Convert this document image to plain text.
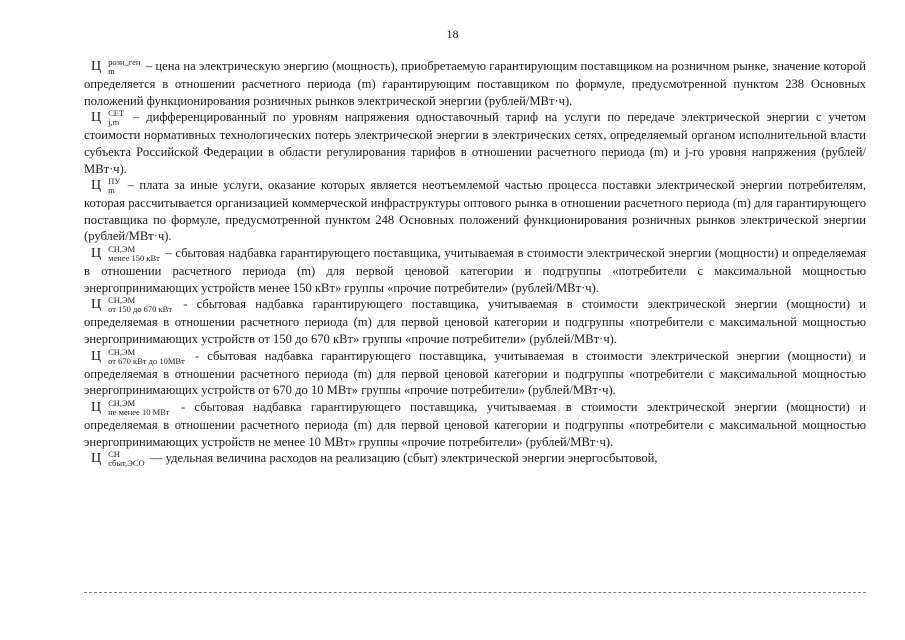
18

Ц розн_ген
m	– цена на электрическую энергию (мощность), приобретаемую гарантирующим поставщиком на розничном рынке, значение которой определяется в отношении расчетного периода (m) гарантирующим поставщиком по формуле, предусмотренной пунктом 238 Основных положений функционирования розничных рынков электрической энергии (рублей/МВт·ч).

Ц СЕТ
j,m	– дифференцированный по уровням напряжения одноставочный тариф на услуги по передаче электрической энергии с учетом стоимости нормативных технологических потерь электрической энергии в электрических сетях, определяемый органом исполнительной власти субъекта Российской Федерации в области регулирования тарифов в отношении расчетного периода (m) и j-го уровня напряжения (рублей/МВт·ч).

Ц ПУ
m	– плата за иные услуги, оказание которых является неотъемлемой частью процесса поставки электрической энергии потребителям, которая рассчитывается организацией коммерческой инфраструктуры оптового рынка в отношении расчетного периода (m) для гарантирующего поставщика по формуле, предусмотренной пунктом 248 Основных положений функционирования розничных рынков электрической энергии (рублей/МВт·ч).

Ц СН,ЭМ
менее 150 кВт – сбытовая надбавка гарантирующего поставщика, учитываемая в стоимости электрической энергии (мощности) и определяемая в отношении расчетного периода (m) для первой ценовой категории и подгруппы «потребители с максимальной мощностью энергопринимающих устройств менее 150 кВт» группы «прочие потребители» (рублей/МВт·ч).

Ц СН,ЭМ
от 150 до 670 кВт - сбытовая надбавка гарантирующего поставщика, учитываемая в стоимости электрической энергии (мощности) и определяемая в отношении расчетного периода (m) для первой ценовой категории и подгруппы «потребители с максимальной мощностью энергопринимающих устройств от 150 до 670 кВт» группы «прочие потребители» (рублей/МВт·ч).

Ц СН,ЭМ
от 670 кВт до 10МВт - сбытовая надбавка гарантирующего поставщика, учитываемая в стоимости электрической энергии (мощности) и определяемая в отношении расчетного периода (m) для первой ценовой категории и подгруппы «потребители с максимальной мощностью энергопринимающих устройств от 670 до 10 МВт» группы «прочие потребители» (рублей/МВт·ч).

Ц СН,ЭМ
не менее 10 МВт - сбытовая надбавка гарантирующего поставщика, учитываемая в стоимости электрической энергии (мощности) и определяемая в отношении расчетного периода (m) для первой ценовой категории и подгруппы «потребители с максимальной мощностью энергопринимающих устройств не менее 10 МВт» группы «прочие потребители» (рублей/МВт·ч).

Ц СН
сбыт,ЭСО — удельная величина расходов на реализацию (сбыт) электрической энергии энергосбытовой,
